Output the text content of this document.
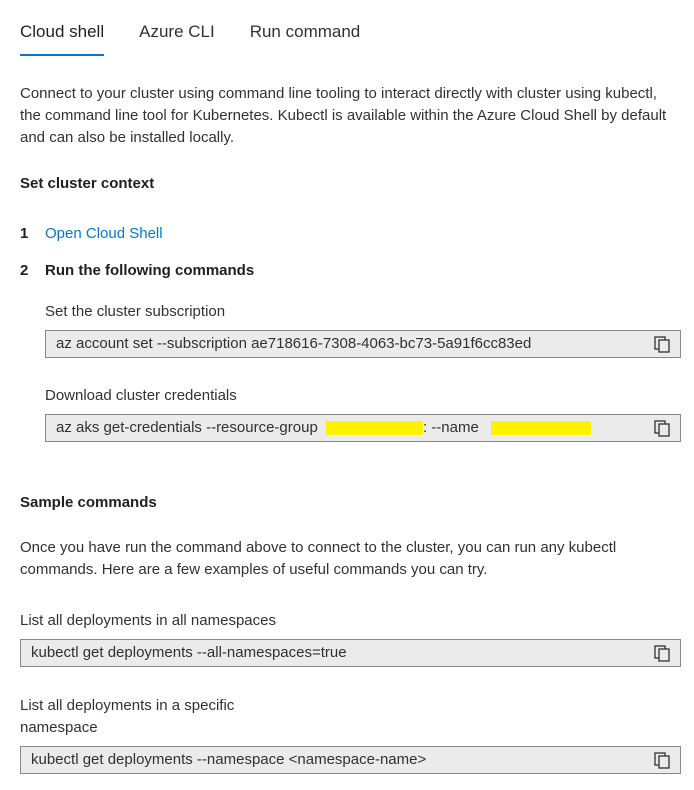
Cloud shell Azure CLI Run command
Connect to your cluster using command line tooling to interact directly with cluster using kubectl, the command line tool for Kubernetes. Kubectl is available within the Azure Cloud Shell by default and can also be installed locally.
Set cluster context
1 Open Cloud Shell
2 Run the following commands
Set the cluster subscription
az account set --subscription ae718616-7308-4063-bc73-5a91f6cc83ed
Download cluster credentials
az aks get-credentials --resource-group	: --name
Sample commands
Once you have run the command above to connect to the cluster, you can run any kubectl commands. Here are a few examples of useful commands you can try.
List all deployments in all namespaces
kubectl get deployments --all-namespaces=true
List all deployments in a specific namespace
kubectl get deployments --namespace <namespace-name>
